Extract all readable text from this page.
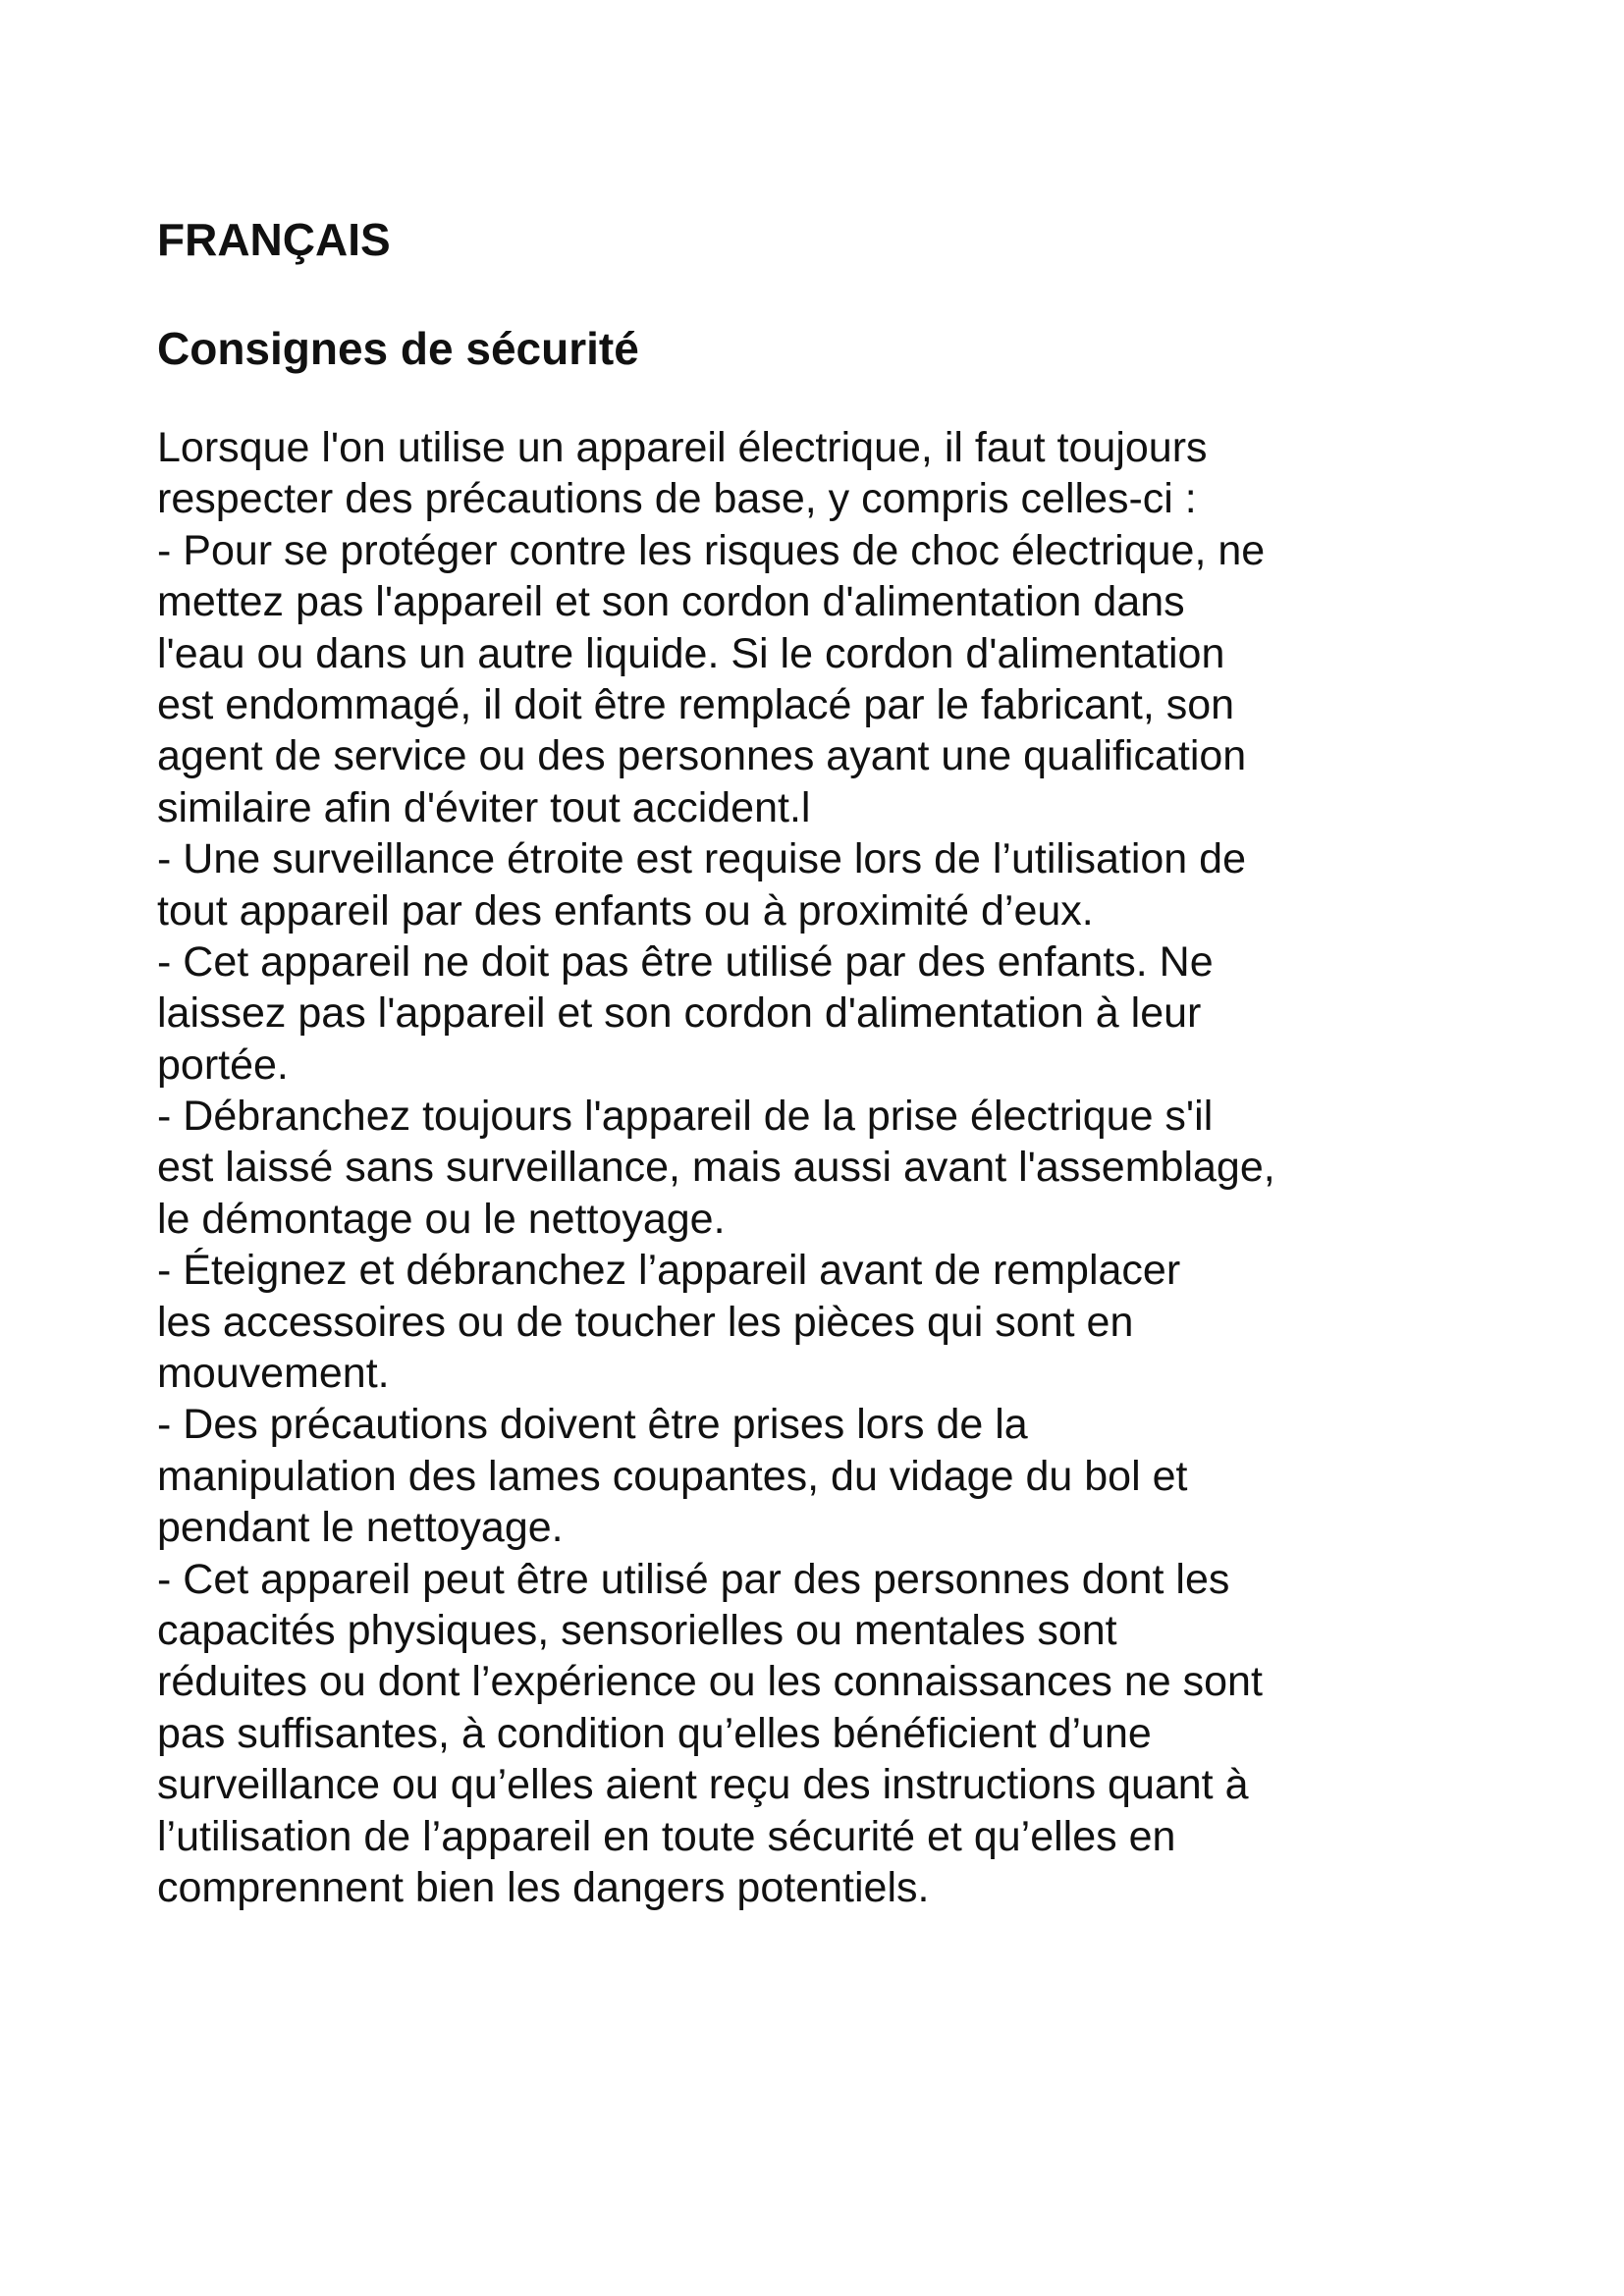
FRANÇAIS
Consignes de sécurité
Lorsque l'on utilise un appareil électrique, il faut toujours
respecter des précautions de base, y compris celles-ci :
- Pour se protéger contre les risques de choc électrique, ne
mettez pas l'appareil et son cordon d'alimentation dans
l'eau ou dans un autre liquide. Si le cordon d'alimentation
est endommagé, il doit être remplacé par le fabricant, son
agent de service ou des personnes ayant une qualification
similaire afin d'éviter tout accident.l
- Une surveillance étroite est requise lors de l’utilisation de
tout appareil par des enfants ou à proximité d’eux.
- Cet appareil ne doit pas être utilisé par des enfants. Ne
laissez pas l'appareil et son cordon d'alimentation à leur
portée.
- Débranchez toujours l'appareil de la prise électrique s'il
est laissé sans surveillance, mais aussi avant l'assemblage,
le démontage ou le nettoyage.
- Éteignez et débranchez l’appareil avant de remplacer
les accessoires ou de toucher les pièces qui sont en
mouvement.
- Des précautions doivent être prises lors de la
manipulation des lames coupantes, du vidage du bol et
pendant le nettoyage.
- Cet appareil peut être utilisé par des personnes dont les
capacités physiques, sensorielles ou mentales sont
réduites ou dont l’expérience ou les connaissances ne sont
pas suffisantes, à condition qu’elles bénéficient d’une
surveillance ou qu’elles aient reçu des instructions quant à
l’utilisation de l’appareil en toute sécurité et qu’elles en
comprennent bien les dangers potentiels.
